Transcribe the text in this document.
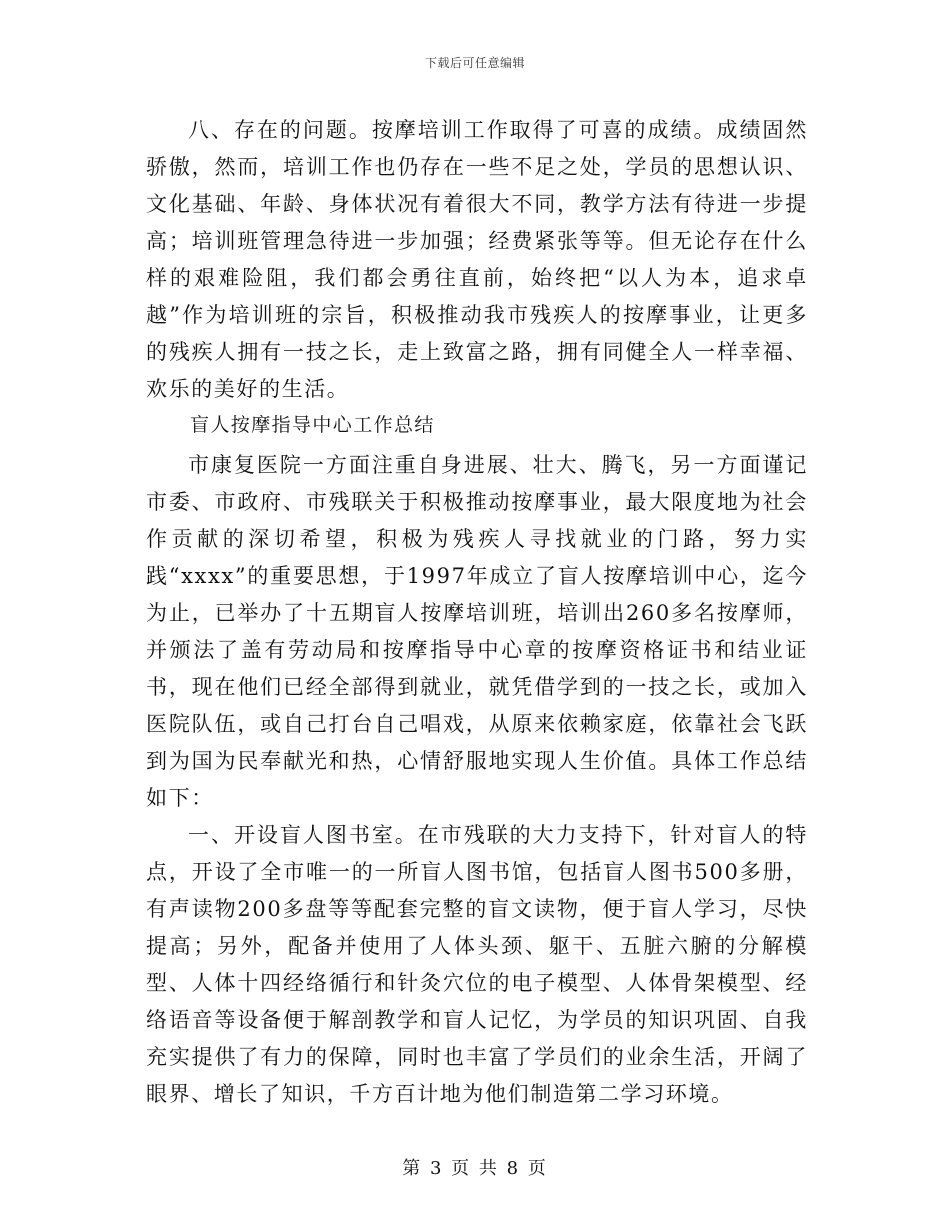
下载后可任意编辑

八、存在的问题。按摩培训工作取得了可喜的成绩。成绩固然骄傲，然而，培训工作也仍存在一些不足之处，学员的思想认识、文化基础、年龄、身体状况有着很大不同，教学方法有待进一步提高；培训班管理急待进一步加强；经费紧张等等。但无论存在什么样的艰难险阻，我们都会勇往直前，始终把“以人为本，追求卓越”作为培训班的宗旨，积极推动我市残疾人的按摩事业，让更多的残疾人拥有一技之长，走上致富之路，拥有同健全人一样幸福、欢乐的美好的生活。

盲人按摩指导中心工作总结

市康复医院一方面注重自身进展、壮大、腾飞，另一方面谨记市委、市政府、市残联关于积极推动按摩事业，最大限度地为社会作贡献的深切希望，积极为残疾人寻找就业的门路，努力实践“xxxx”的重要思想，于1997年成立了盲人按摩培训中心，迄今为止，已举办了十五期盲人按摩培训班，培训出260多名按摩师，并颁法了盖有劳动局和按摩指导中心章的按摩资格证书和结业证书，现在他们已经全部得到就业，就凭借学到的一技之长，或加入医院队伍，或自己打台自己唱戏，从原来依赖家庭，依靠社会飞跃到为国为民奉献光和热，心情舒服地实现人生价值。具体工作总结如下：

一、开设盲人图书室。在市残联的大力支持下，针对盲人的特点，开设了全市唯一的一所盲人图书馆，包括盲人图书500多册，有声读物200多盘等等配套完整的盲文读物，便于盲人学习，尽快提高；另外，配备并使用了人体头颈、躯干、五脏六腑的分解模型、人体十四经络循行和针灸穴位的电子模型、人体骨架模型、经络语音等设备便于解剖教学和盲人记忆，为学员的知识巩固、自我充实提供了有力的保障，同时也丰富了学员们的业余生活，开阔了眼界、增长了知识，千方百计地为他们制造第二学习环境。

第 3 页 共 8 页
